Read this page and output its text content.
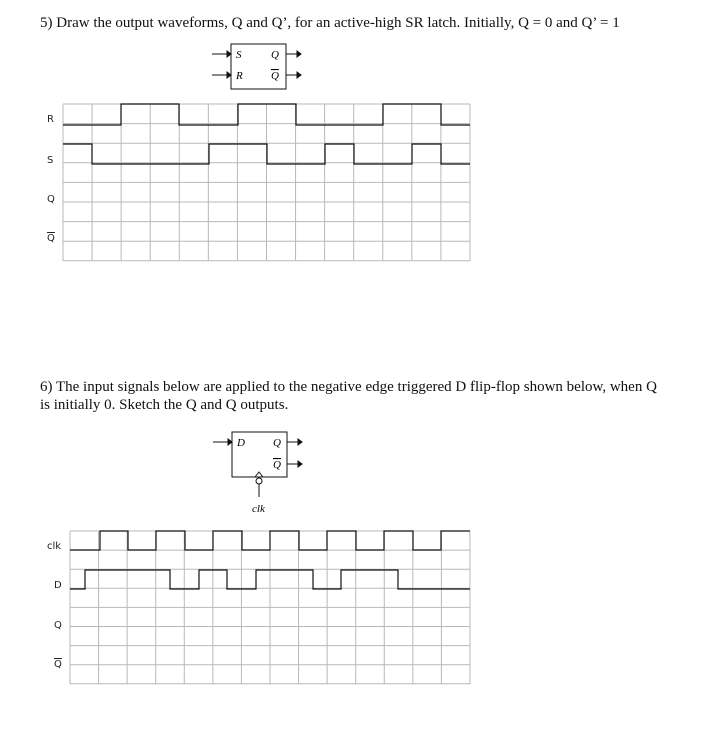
5) Draw the output waveforms, Q and Q’, for an active-high SR latch. Initially, Q = 0 and Q’ = 1
6) The input signals below are applied to the negative edge triggered D flip-flop shown below, when Q
is initially 0. Sketch the Q and Q outputs.
R
S
Q
$\overline{Q}$
clk
D
Q
$\overline{Q}$
S
R
Q
Q
D	Q
Q
clk
